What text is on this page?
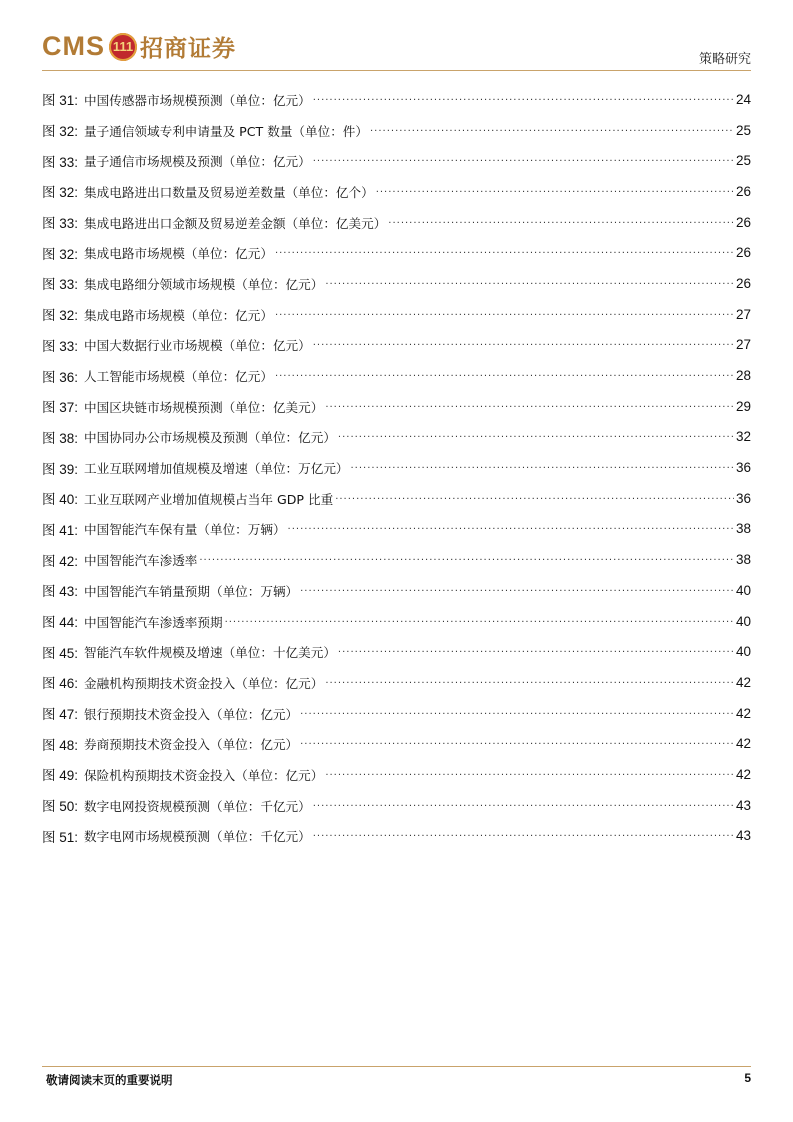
CMS 111 招商证券	策略研究
图 31: 中国传感器市场规模预测（单位：亿元） .....	24
图 32: 量子通信领域专利申请量及 PCT 数量（单位：件） .....	25
图 33: 量子通信市场规模及预测（单位：亿元） .....	25
图 32: 集成电路进出口数量及贸易逆差数量（单位：亿个） .....	26
图 33: 集成电路进出口金额及贸易逆差金额（单位：亿美元） .....	26
图 32: 集成电路市场规模（单位：亿元） .....	26
图 33: 集成电路细分领域市场规模（单位：亿元） .....	26
图 32: 集成电路市场规模（单位：亿元） .....	27
图 33: 中国大数据行业市场规模（单位：亿元） .....	27
图 36: 人工智能市场规模（单位：亿元） .....	28
图 37: 中国区块链市场规模预测（单位：亿美元） .....	29
图 38: 中国协同办公市场规模及预测（单位：亿元） .....	32
图 39: 工业互联网增加值规模及增速（单位：万亿元） .....	36
图 40: 工业互联网产业增加值规模占当年 GDP 比重 .....	36
图 41: 中国智能汽车保有量（单位：万辆） .....	38
图 42: 中国智能汽车渗透率 .....	38
图 43: 中国智能汽车销量预期（单位：万辆） .....	40
图 44: 中国智能汽车渗透率预期 .....	40
图 45: 智能汽车软件规模及增速（单位：十亿美元） .....	40
图 46: 金融机构预期技术资金投入（单位：亿元） .....	42
图 47: 银行预期技术资金投入（单位：亿元） .....	42
图 48: 券商预期技术资金投入（单位：亿元） .....	42
图 49: 保险机构预期技术资金投入（单位：亿元） .....	42
图 50: 数字电网投资规模预测（单位：千亿元） .....	43
图 51: 数字电网市场规模预测（单位：千亿元） .....	43
敬请阅读末页的重要说明	5
